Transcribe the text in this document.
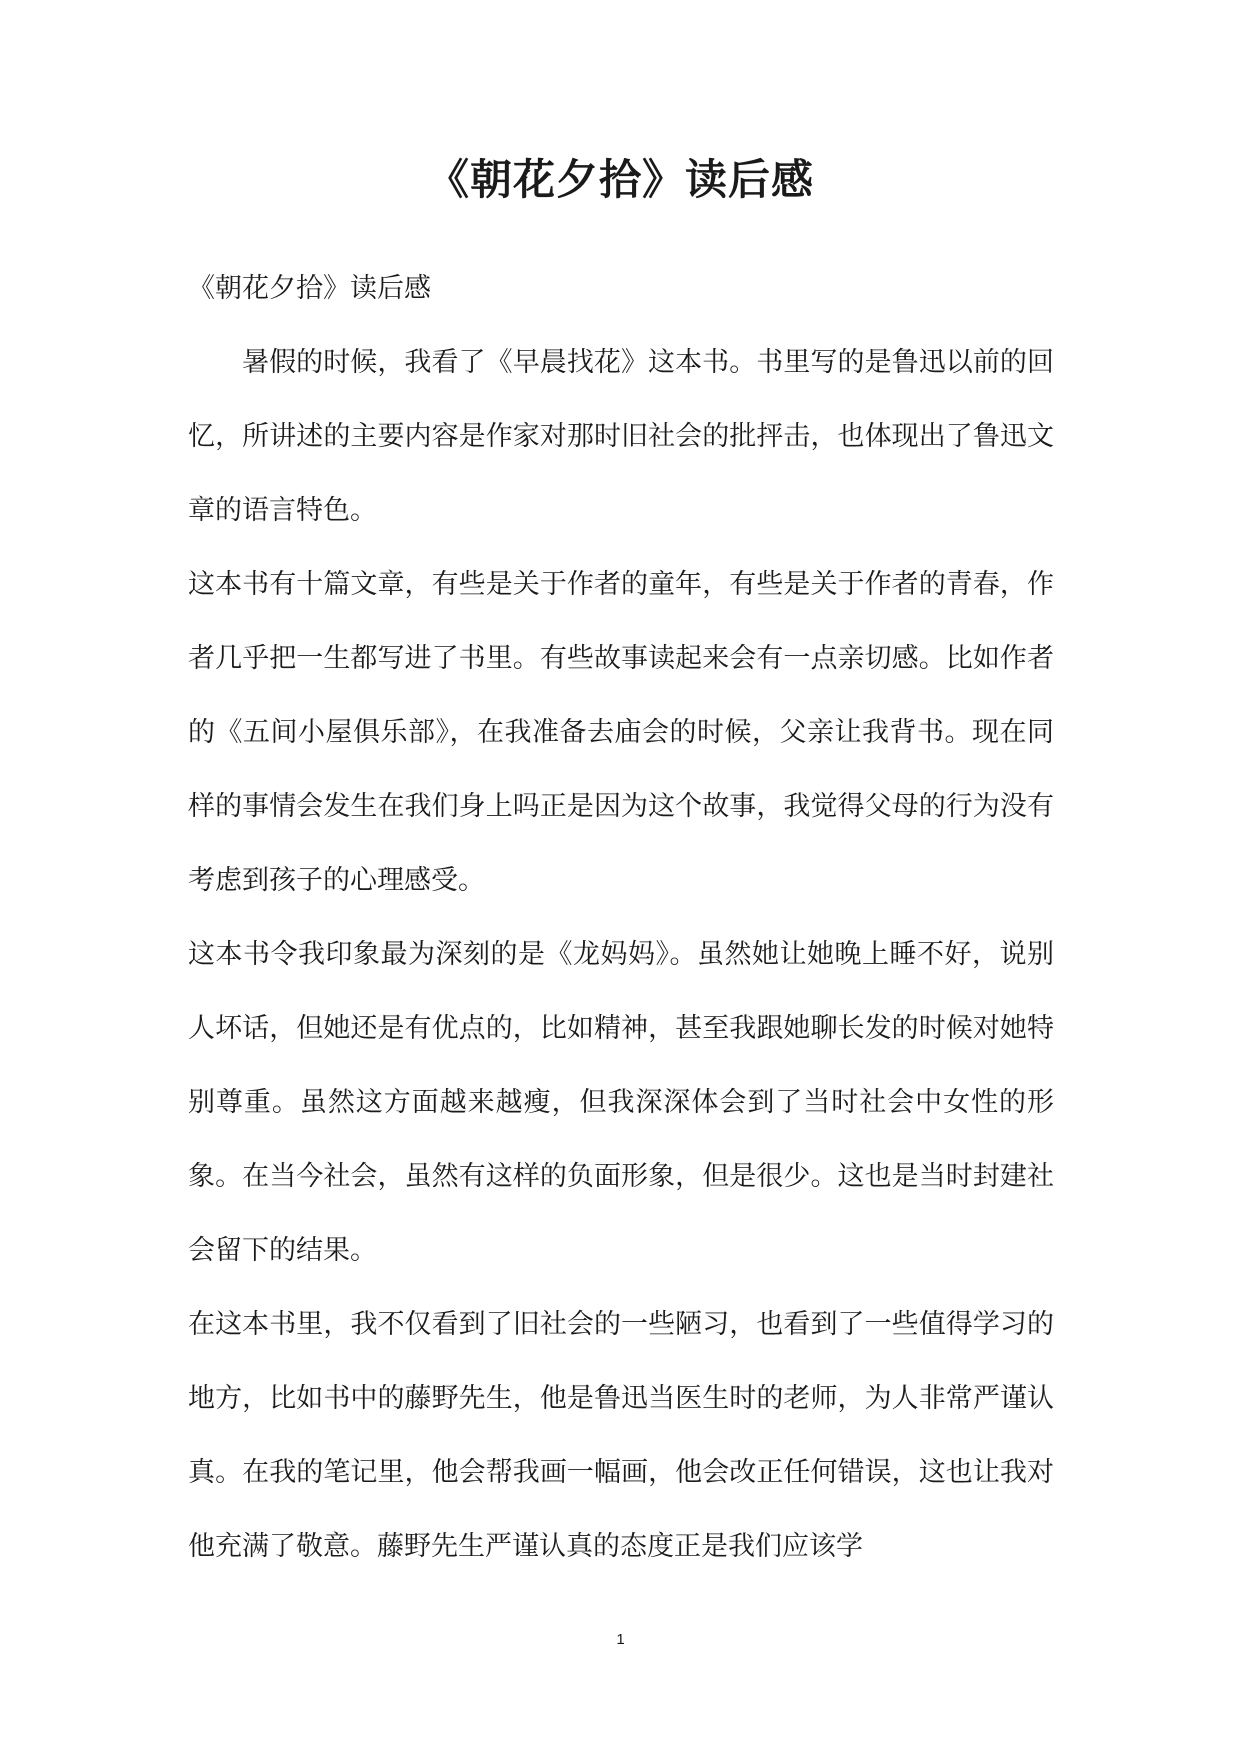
《朝花夕拾》读后感

《朝花夕拾》读后感

暑假的时候，我看了《早晨找花》这本书。书里写的是鲁迅以前的回忆，所讲述的主要内容是作家对那时旧社会的批抨击，也体现出了鲁迅文章的语言特色。

这本书有十篇文章，有些是关于作者的童年，有些是关于作者的青春，作者几乎把一生都写进了书里。有些故事读起来会有一点亲切感。比如作者的《五间小屋俱乐部》，在我准备去庙会的时候，父亲让我背书。现在同样的事情会发生在我们身上吗正是因为这个故事，我觉得父母的行为没有考虑到孩子的心理感受。

这本书令我印象最为深刻的是《龙妈妈》。虽然她让她晚上睡不好，说别人坏话，但她还是有优点的，比如精神，甚至我跟她聊长发的时候对她特别尊重。虽然这方面越来越瘦，但我深深体会到了当时社会中女性的形象。在当今社会，虽然有这样的负面形象，但是很少。这也是当时封建社会留下的结果。

在这本书里，我不仅看到了旧社会的一些陋习，也看到了一些值得学习的地方，比如书中的藤野先生，他是鲁迅当医生时的老师，为人非常严谨认真。在我的笔记里，他会帮我画一幅画，他会改正任何错误，这也让我对他充满了敬意。藤野先生严谨认真的态度正是我们应该学

1
